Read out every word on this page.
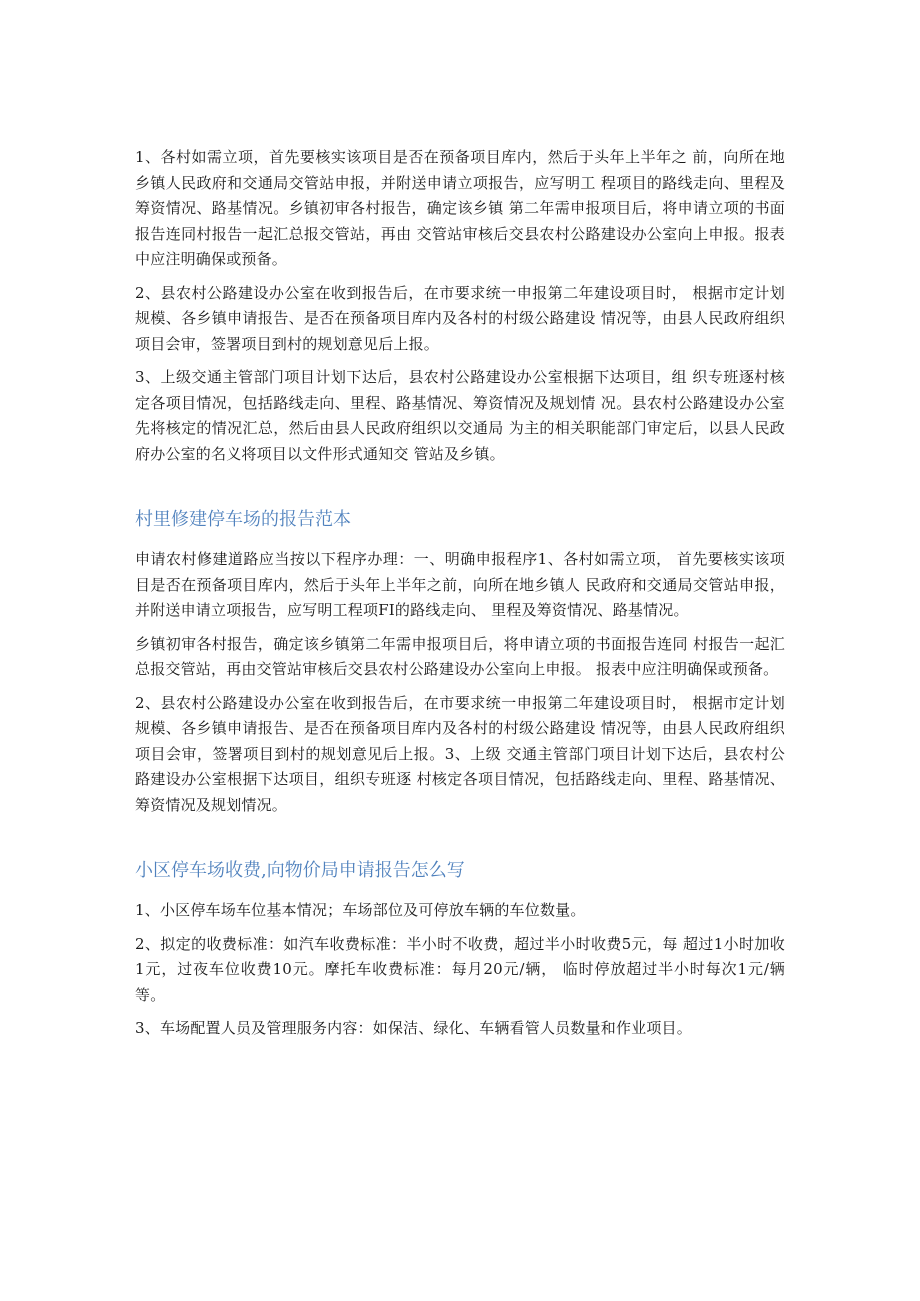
1、各村如需立项，首先要核实该项目是否在预备项目库内，然后于头年上半年之 前，向所在地乡镇人民政府和交通局交管站申报，并附送申请立项报告，应写明工 程项目的路线走向、里程及筹资情况、路基情况。乡镇初审各村报告，确定该乡镇 第二年需申报项目后，将申请立项的书面报告连同村报告一起汇总报交管站，再由 交管站审核后交县农村公路建设办公室向上申报。报表中应注明确保或预备。

2、县农村公路建设办公室在收到报告后，在市要求统一申报第二年建设项目时， 根据市定计划规模、各乡镇申请报告、是否在预备项目库内及各村的村级公路建设 情况等，由县人民政府组织项目会审，签署项目到村的规划意见后上报。

3、上级交通主管部门项目计划下达后，县农村公路建设办公室根据下达项目，组 织专班逐村核定各项目情况，包括路线走向、里程、路基情况、筹资情况及规划情 况。县农村公路建设办公室先将核定的情况汇总，然后由县人民政府组织以交通局 为主的相关职能部门审定后，以县人民政府办公室的名义将项目以文件形式通知交 管站及乡镇。

村里修建停车场的报告范本

申请农村修建道路应当按以下程序办理：一、明确申报程序1、各村如需立项， 首先要核实该项目是否在预备项目库内，然后于头年上半年之前，向所在地乡镇人 民政府和交通局交管站申报，并附送申请立项报告，应写明工程项FI的路线走向、 里程及筹资情况、路基情况。

乡镇初审各村报告，确定该乡镇第二年需申报项目后，将申请立项的书面报告连同 村报告一起汇总报交管站，再由交管站审核后交县农村公路建设办公室向上申报。 报表中应注明确保或预备。

2、县农村公路建设办公室在收到报告后，在市要求统一申报第二年建设项目时， 根据市定计划规模、各乡镇申请报告、是否在预备项目库内及各村的村级公路建设 情况等，由县人民政府组织项目会审，签署项目到村的规划意见后上报。3、上级 交通主管部门项目计划下达后，县农村公路建设办公室根据下达项目，组织专班逐 村核定各项目情况，包括路线走向、里程、路基情况、筹资情况及规划情况。

小区停车场收费,向物价局申请报告怎么写

1、小区停车场车位基本情况；车场部位及可停放车辆的车位数量。

2、拟定的收费标准：如汽车收费标准：半小时不收费，超过半小时收费5元，每 超过1小时加收1元，过夜车位收费10元。摩托车收费标准：每月20元/辆， 临时停放超过半小时每次1元/辆等。

3、车场配置人员及管理服务内容：如保洁、绿化、车辆看管人员数量和作业项目。
